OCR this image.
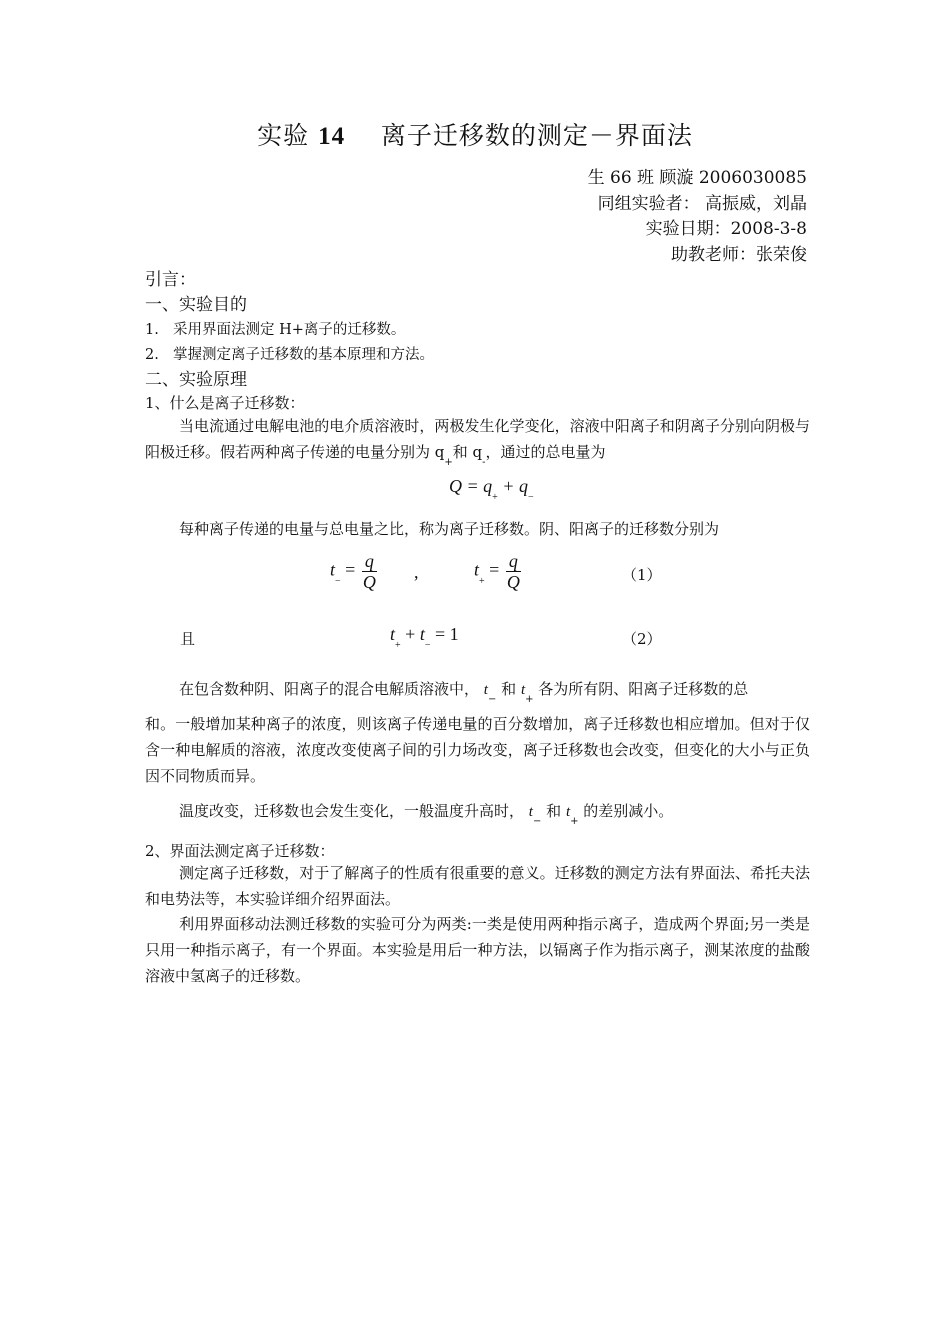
实验 14 离子迁移数的测定－界面法
生 66 班 顾漩 2006030085
同组实验者： 高振威，刘晶
实验日期：2008-3-8
助教老师：张荣俊
引言：
一、实验目的
1. 采用界面法测定 H+离子的迁移数。
2. 掌握测定离子迁移数的基本原理和方法。
二、实验原理
1、什么是离子迁移数：
当电流通过电解电池的电介质溶液时，两极发生化学变化，溶液中阳离子和阴离子分别向阴极与阳极迁移。假若两种离子传递的电量分别为 $q_+$和 $q_-$，通过的总电量为
$Q = q_+ + q_-$
每种离子传递的电量与总电量之比，称为离子迁移数。阴、阳离子的迁移数分别为
$t_- = \frac{q}{Q}$ ,	$t_+ = \frac{q}{Q}$	（1）
且	$t_+ + t_- = 1$	（2）
在包含数种阴、阳离子的混合电解质溶液中， $t_-$ 和 $t_+$ 各为所有阴、阳离子迁移数的总
和。一般增加某种离子的浓度，则该离子传递电量的百分数增加，离子迁移数也相应增加。但对于仅含一种电解质的溶液，浓度改变使离子间的引力场改变，离子迁移数也会改变，但变化的大小与正负因不同物质而异。
温度改变，迁移数也会发生变化，一般温度升高时， $t_-$ 和 $t_+$ 的差别减小。
2、界面法测定离子迁移数：
测定离子迁移数，对于了解离子的性质有很重要的意义。迁移数的测定方法有界面法、希托夫法和电势法等，本实验详细介绍界面法。
利用界面移动法测迁移数的实验可分为两类:一类是使用两种指示离子，造成两个界面;另一类是只用一种指示离子，有一个界面。本实验是用后一种方法，以镉离子作为指示离子，测某浓度的盐酸溶液中氢离子的迁移数。
